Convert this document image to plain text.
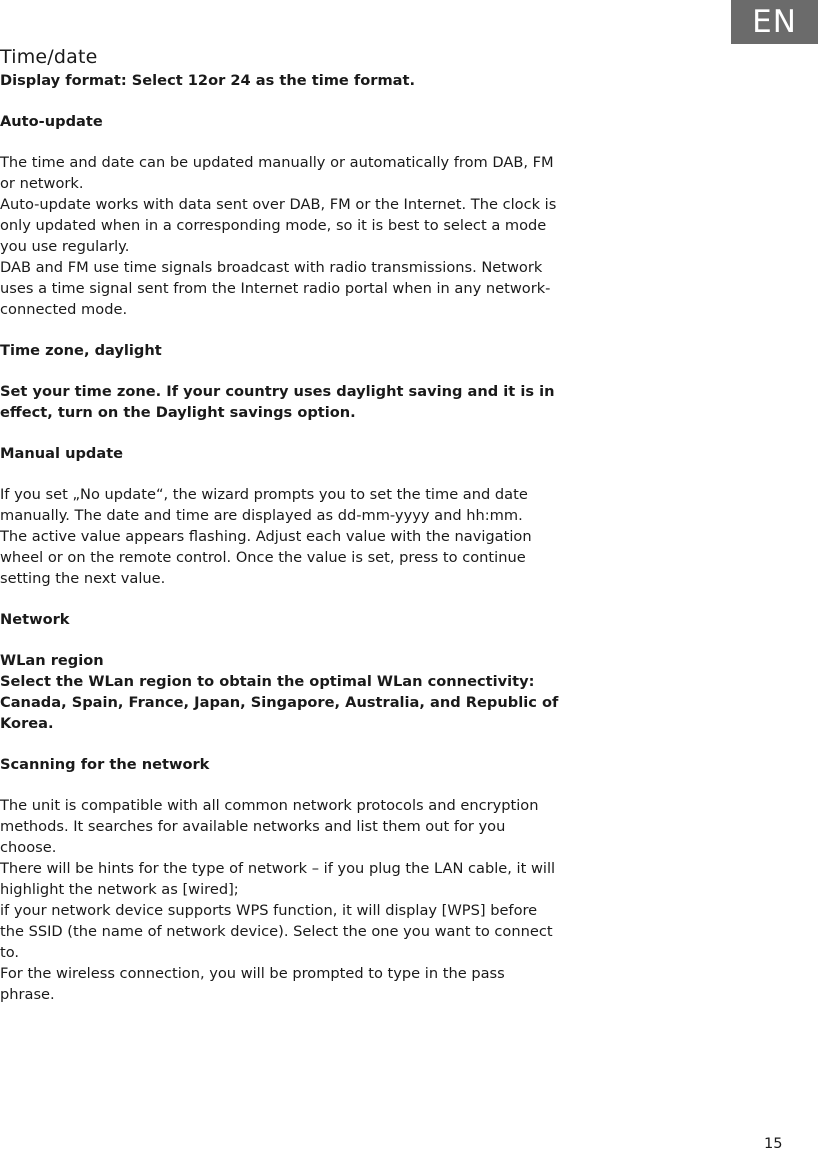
EN

Time/date

Display format: Select 12or 24 as the time format.

Auto-update

The time and date can be updated manually or automatically from DAB, FM

or network.

Auto-update works with data sent over DAB, FM or the Internet. The clock is

only updated when in a corresponding mode, so it is best to select a mode

you use regularly.

DAB and FM use time signals broadcast with radio transmissions. Network

uses a time signal sent from the Internet radio portal when in any network-

connected mode.

Time zone, daylight

Set your time zone. If your country uses daylight saving and it is in

effect, turn on the Daylight savings option.

Manual update

If you set „No update“, the wizard prompts you to set the time and date

manually. The date and time are displayed as dd-mm-yyyy and hh:mm.

The active value appears flashing. Adjust each value with the navigation

wheel or on the remote control. Once the value is set, press to continue

setting the next value.

Network

WLan region

Select the WLan region to obtain the optimal WLan connectivity:

Canada, Spain, France, Japan, Singapore, Australia, and Republic of

Korea.

Scanning for the network

The unit is compatible with all common network protocols and encryption

methods. It searches for available networks and list them out for you

choose.

There will be hints for the type of network – if you plug the LAN cable, it will

highlight the network as [wired];

if your network device supports WPS function, it will display [WPS] before

the SSID (the name of network device). Select the one you want to connect

to.

For the wireless connection, you will be prompted to type in the pass

phrase.

15
